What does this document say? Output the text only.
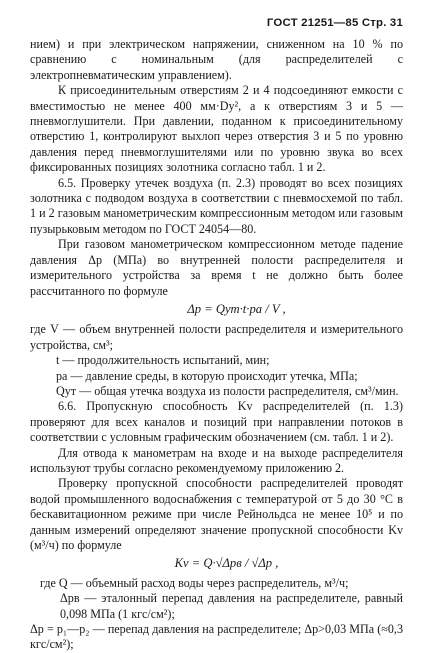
ГОСТ 21251—85 Стр. 31

нием) и при электрическом напряжении, сниженном на 10 % по сравнению с номинальным (для распределителей с электропневматическим управлением).

К присоединительным отверстиям 2 и 4 подсоединяют емкости с вместимостью не менее 400 мм·Dу², а к отверстиям 3 и 5 — пневмоглушители. При давлении, поданном к присоединительному отверстию 1, контролируют выхлоп через отверстия 3 и 5 по уровню давления перед пневмоглушителями или по уровню звука во всех фиксированных позициях золотника согласно табл. 1 и 2.

6.5. Проверку утечек воздуха (п. 2.3) проводят во всех позициях золотника с подводом воздуха в соответствии с пневмосхемой по табл. 1 и 2 газовым манометрическим компрессионным методом или газовым пузырьковым методом по ГОСТ 24054—80.

При газовом манометрическом компрессионном методе падение давления Δp (МПа) во внутренней полости распределителя и измерительного устройства за время t не должно быть более рассчитанного по формуле

Δp = Qут·t·pа / V ,

где V — объем внутренней полости распределителя и измерительного устройства, см³;

t — продолжительность испытаний, мин;

pа — давление среды, в которую происходит утечка, МПа;

Qут — общая утечка воздуха из полости распределителя, см³/мин.

6.6. Пропускную способность Kv распределителей (п. 1.3) проверяют для всех каналов и позиций при направлении потоков в соответствии с условным графическим обозначением (см. табл. 1 и 2).

Для отвода к манометрам на входе и на выходе распределителя используют трубы согласно рекомендуемому приложению 2.

Проверку пропускной способности распределителей проводят водой промышленного водоснабжения с температурой от 5 до 30 °С в бескавитационном режиме при числе Рейнольдса не менее 10⁵ и по данным измерений определяют значение пропускной способности Kv (м³/ч) по формуле

Kv = Q·√Δpв / √Δp ,

где Q — объемный расход воды через распределитель, м³/ч;

Δpв — эталонный перепад давления на распределителе, равный 0,098 МПа (1 кгс/см²);

Δp = p₁—p₂ — перепад давления на распределителе; Δp>0,03 МПа (≈0,3 кгс/см²);
